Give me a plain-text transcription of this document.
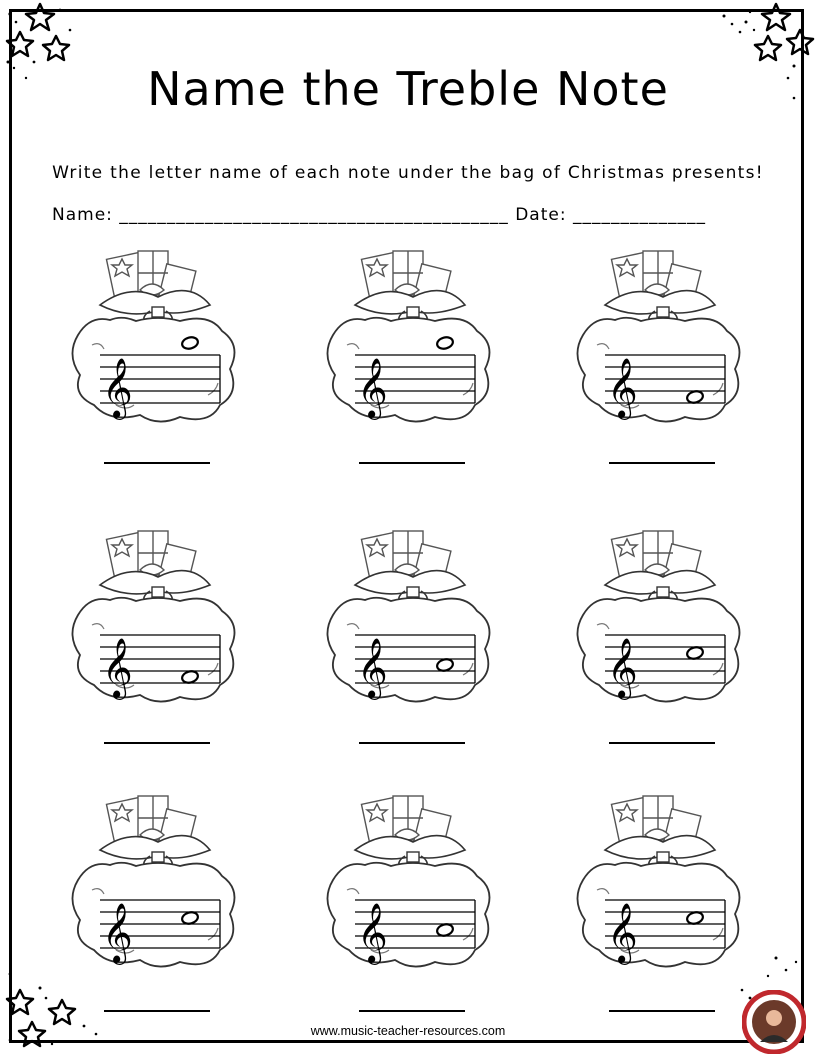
Name the Treble Note
Write the letter name of each note under the bag of Christmas presents!
Name: _________________________________________ Date: ______________
𝄞	𝄞	𝄞
𝄞	𝄞	𝄞
𝄞	𝄞	𝄞
www.music-teacher-resources.com
